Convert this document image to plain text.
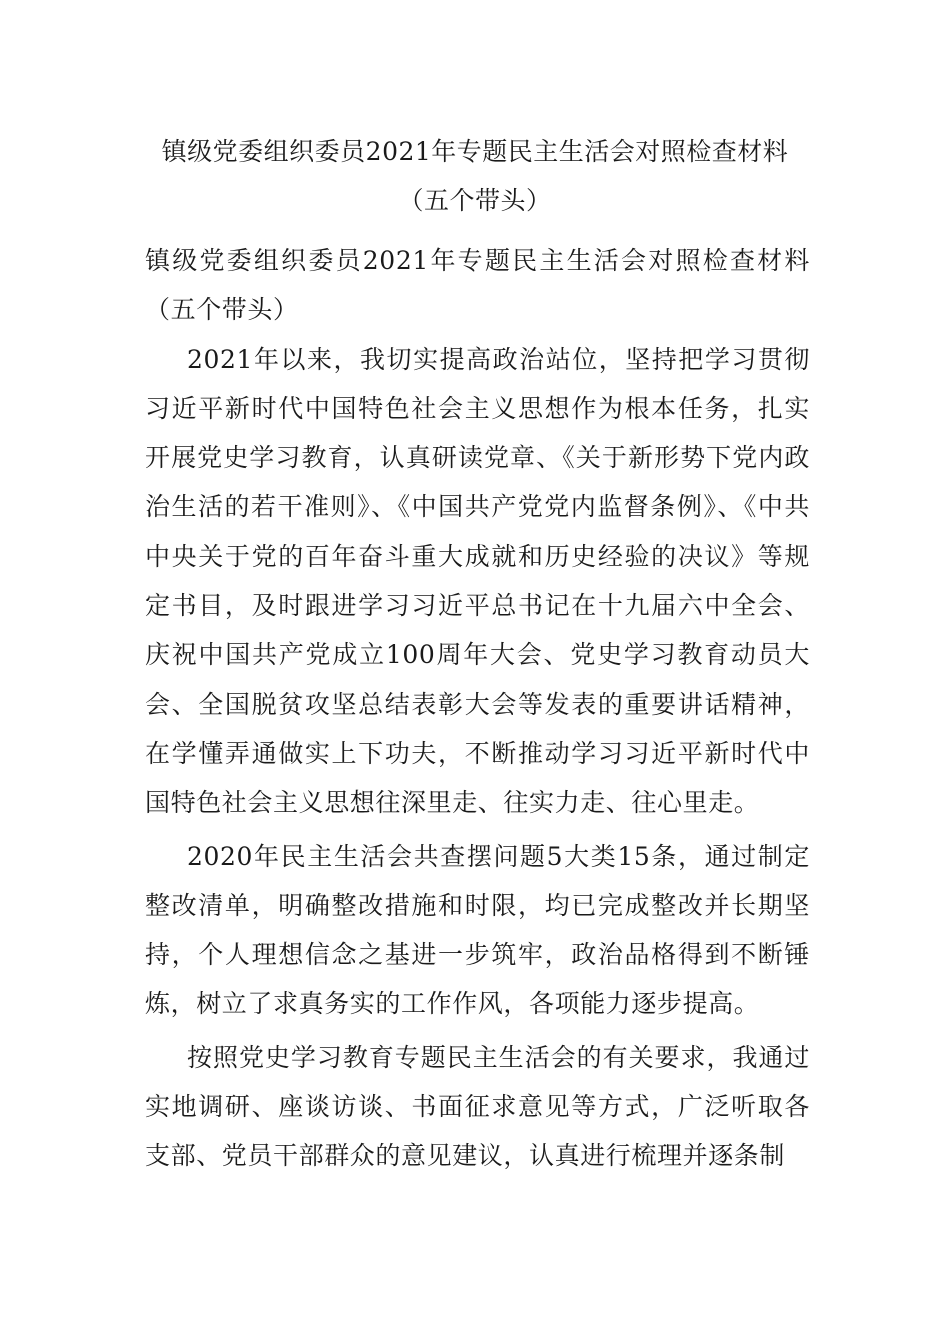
镇级党委组织委员2021年专题民主生活会对照检查材料
（五个带头）

镇级党委组织委员2021年专题民主生活会对照检查材料（五个带头）

2021年以来，我切实提高政治站位，坚持把学习贯彻习近平新时代中国特色社会主义思想作为根本任务，扎实开展党史学习教育，认真研读党章、《关于新形势下党内政治生活的若干准则》、《中国共产党党内监督条例》、《中共中央关于党的百年奋斗重大成就和历史经验的决议》等规定书目，及时跟进学习习近平总书记在十九届六中全会、庆祝中国共产党成立100周年大会、党史学习教育动员大会、全国脱贫攻坚总结表彰大会等发表的重要讲话精神，在学懂弄通做实上下功夫，不断推动学习习近平新时代中国特色社会主义思想往深里走、往实力走、往心里走。

2020年民主生活会共查摆问题5大类15条，通过制定整改清单，明确整改措施和时限，均已完成整改并长期坚持，个人理想信念之基进一步筑牢，政治品格得到不断锤炼，树立了求真务实的工作作风，各项能力逐步提高。

按照党史学习教育专题民主生活会的有关要求，我通过实地调研、座谈访谈、书面征求意见等方式，广泛听取各支部、党员干部群众的意见建议，认真进行梳理并逐条制
